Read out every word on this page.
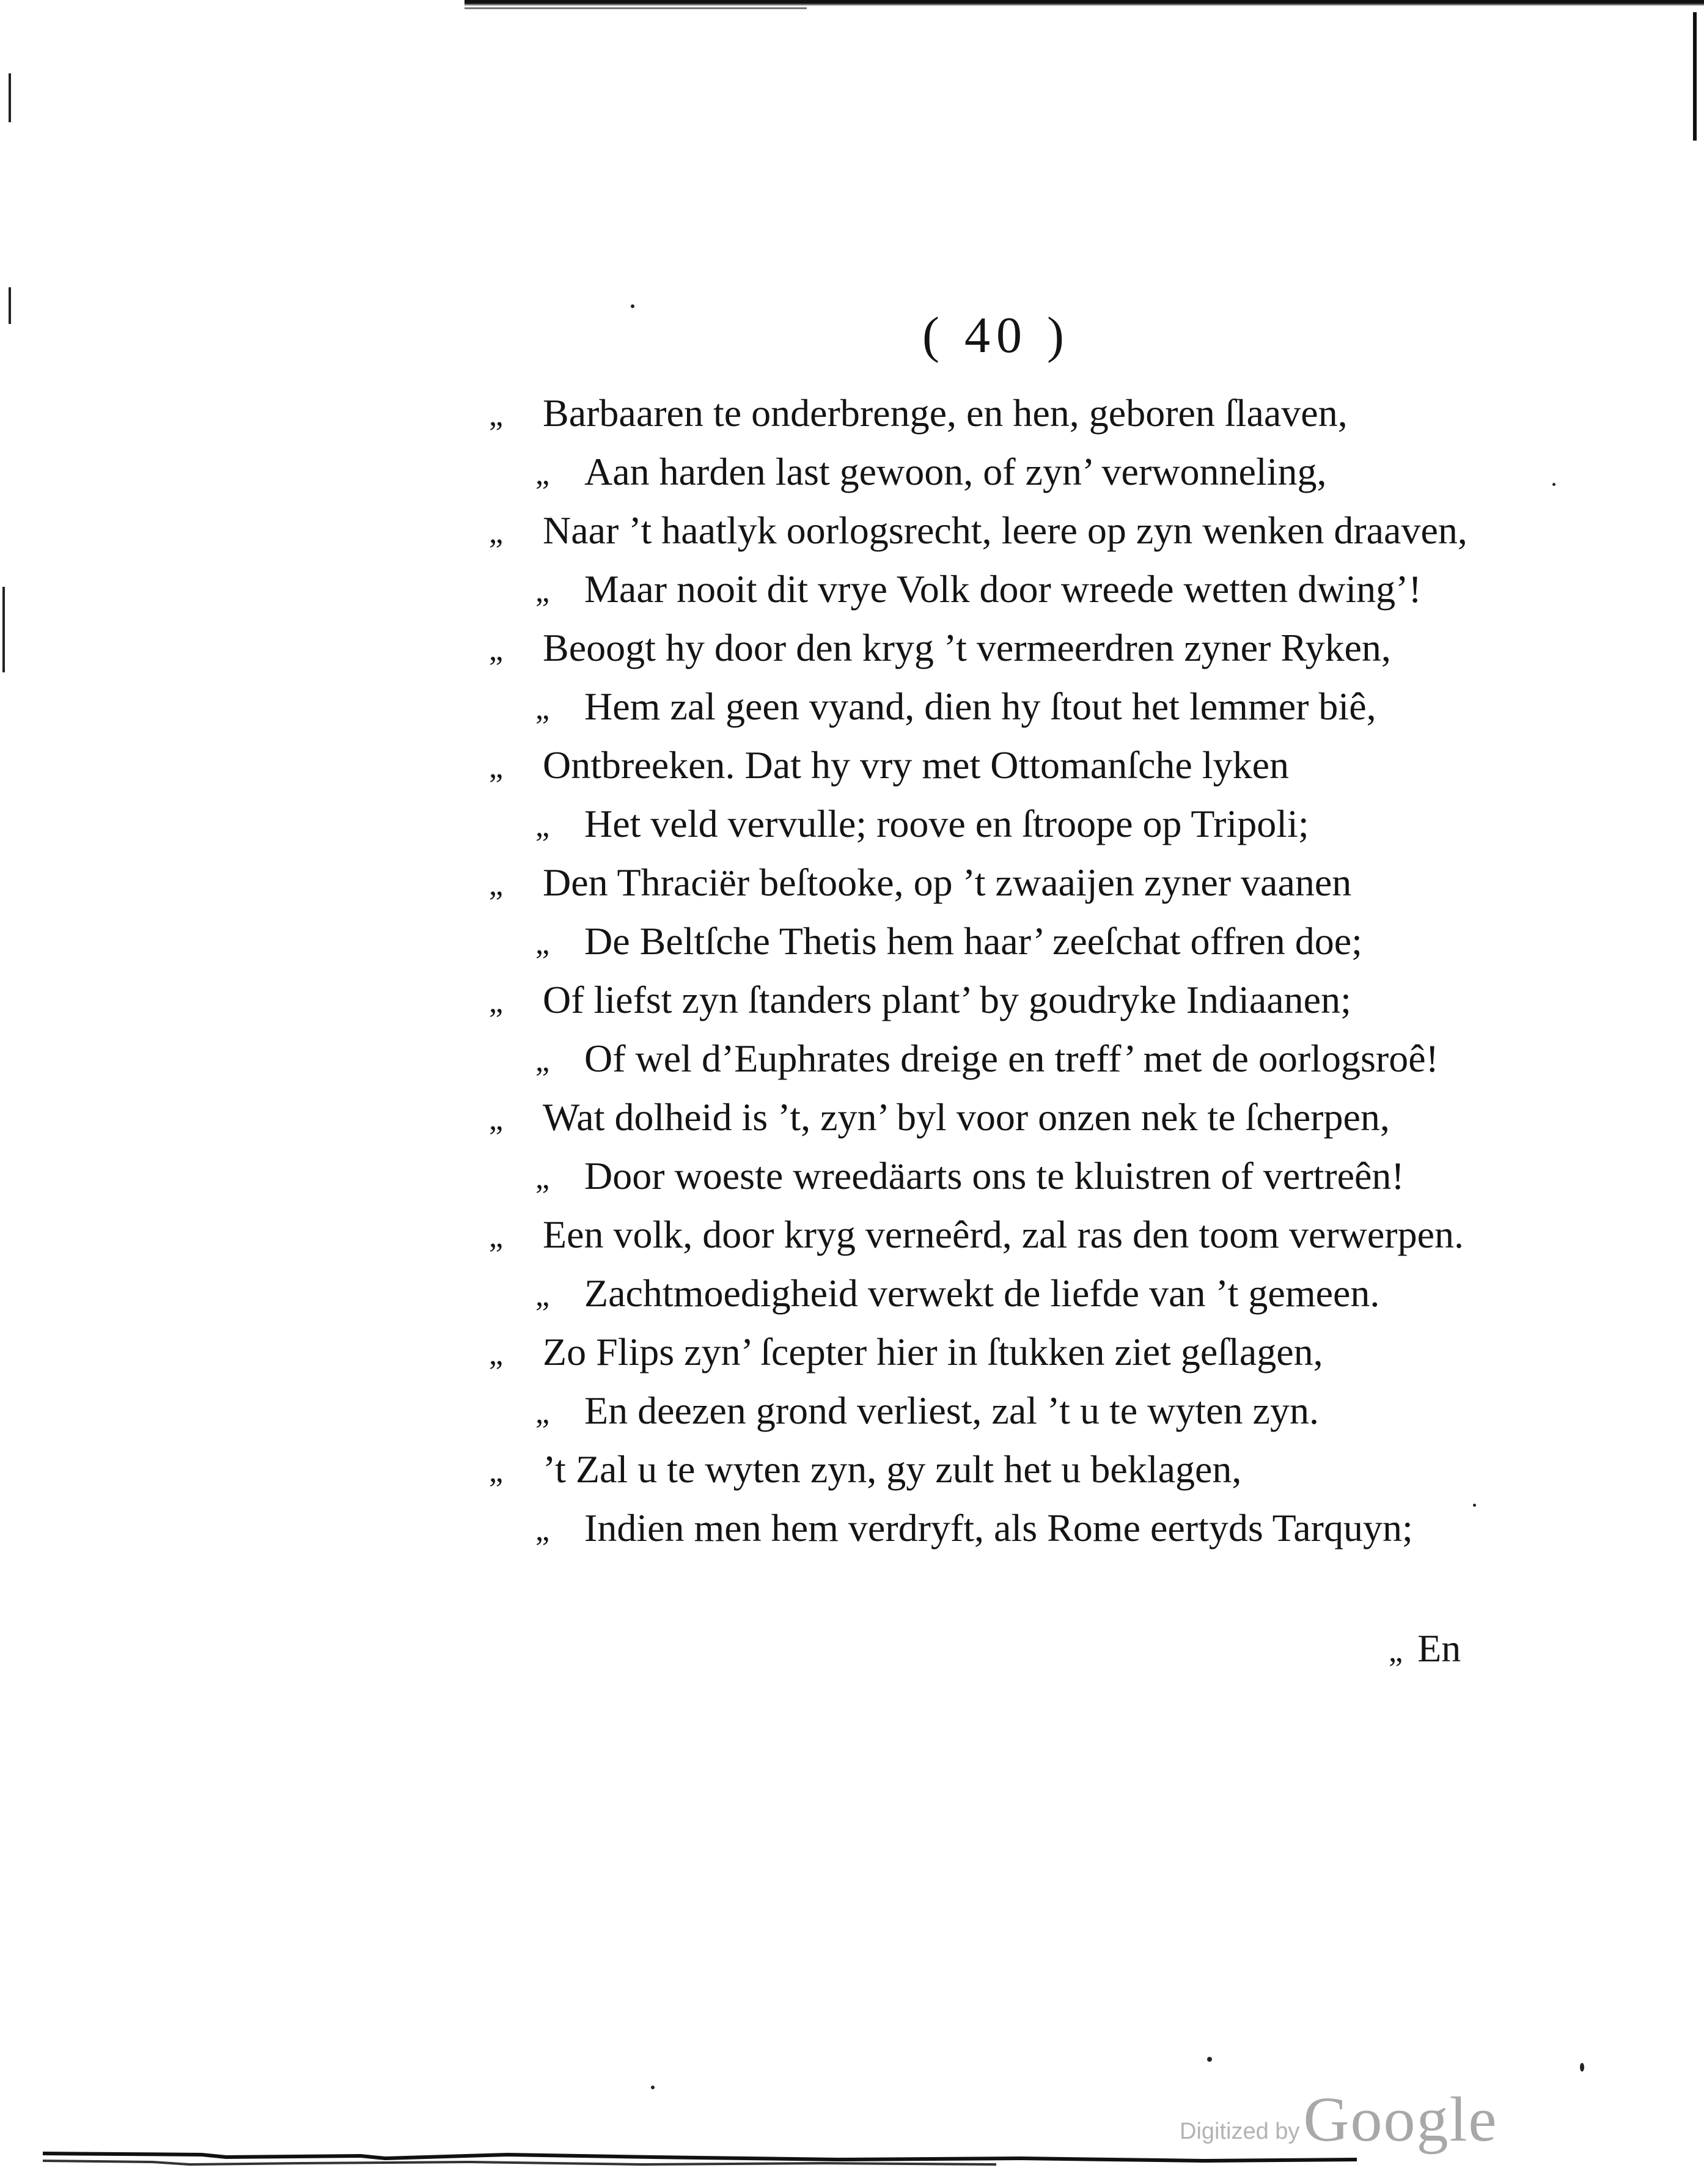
( 40 )
„ Barbaaren te onderbrenge, en hen, geboren ſlaaven,
„ Aan harden last gewoon, of zyn’ verwonneling,
„ Naar ’t haatlyk oorlogsrecht, leere op zyn wenken draaven,
„ Maar nooit dit vrye Volk door wreede wetten dwing’!
„ Beoogt hy door den kryg ’t vermeerdren zyner Ryken,
„ Hem zal geen vyand, dien hy ſtout het lemmer biê,
„ Ontbreeken. Dat hy vry met Ottomanſche lyken
„ Het veld vervulle; roove en ſtroope op Tripoli;
„ Den Thraciër beſtooke, op ’t zwaaijen zyner vaanen
„ De Beltſche Thetis hem haar’ zeeſchat offren doe;
„ Of liefst zyn ſtanders plant’ by goudryke Indiaanen;
„ Of wel d’Euphrates dreige en treff’ met de oorlogsroê!
„ Wat dolheid is ’t, zyn’ byl voor onzen nek te ſcherpen,
„ Door woeste wreedäarts ons te kluistren of vertreên!
„ Een volk, door kryg verneêrd, zal ras den toom verwerpen.
„ Zachtmoedigheid verwekt de liefde van ’t gemeen.
„ Zo Flips zyn’ ſcepter hier in ſtukken ziet geſlagen,
„ En deezen grond verliest, zal ’t u te wyten zyn.
„ ’t Zal u te wyten zyn, gy zult het u beklagen,
„ Indien men hem verdryft, als Rome eertyds Tarquyn;
„ En
Digitized byGoogle
